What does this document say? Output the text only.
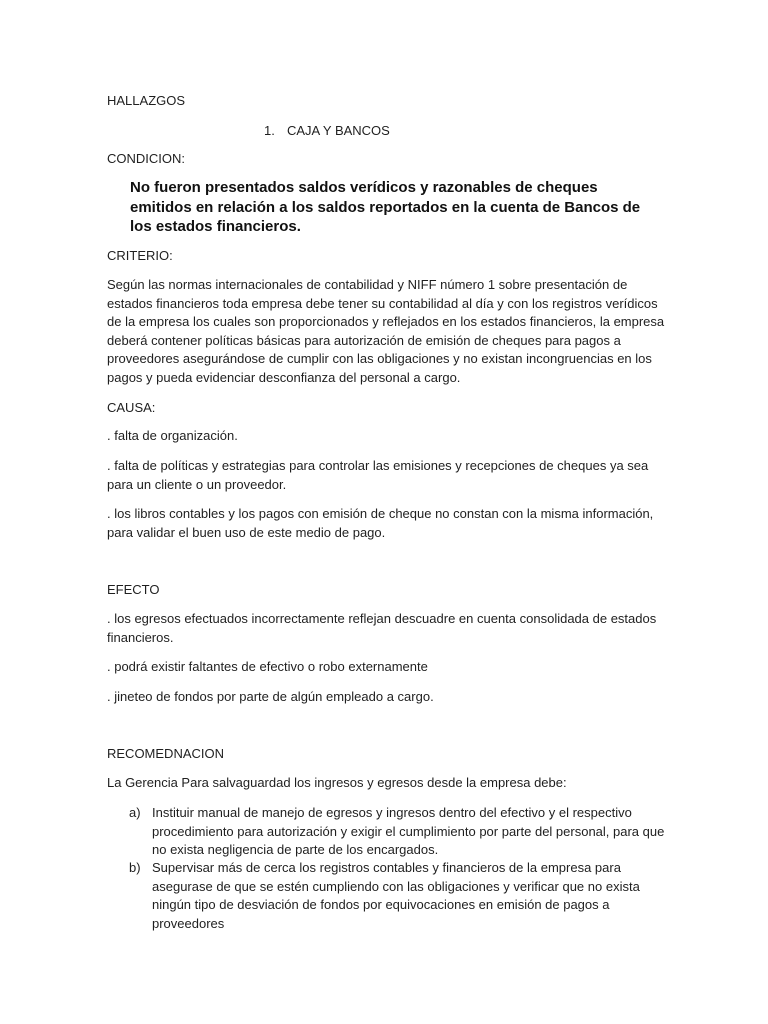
HALLAZGOS
1. CAJA Y BANCOS
CONDICION:
No fueron presentados saldos verídicos y razonables de cheques emitidos en relación a los saldos reportados en la cuenta de Bancos de los estados financieros.
CRITERIO:
Según las normas internacionales de contabilidad y NIFF número 1 sobre presentación de estados financieros toda empresa debe tener su contabilidad al día y con los registros verídicos de la empresa los cuales son proporcionados y reflejados en los estados financieros, la empresa deberá contener políticas básicas para autorización de emisión de cheques para pagos a proveedores asegurándose de cumplir con las obligaciones y no existan incongruencias en los pagos y pueda evidenciar desconfianza del personal a cargo.
CAUSA:
. falta de organización.
. falta de políticas y estrategias para controlar las emisiones y recepciones de cheques ya sea para un cliente o un proveedor.
. los libros contables y los pagos con emisión de cheque no constan con la misma información, para validar el buen uso de este medio de pago.
EFECTO
. los egresos efectuados incorrectamente reflejan descuadre en cuenta consolidada de estados financieros.
. podrá existir faltantes de efectivo o robo externamente
. jineteo de fondos por parte de algún empleado a cargo.
RECOMEDNACION
La Gerencia Para salvaguardad los ingresos y egresos desde la empresa debe:
a) Instituir manual de manejo de egresos y ingresos dentro del efectivo y el respectivo procedimiento para autorización y exigir el cumplimiento por parte del personal, para que no exista negligencia de parte de los encargados.
b) Supervisar más de cerca los registros contables y financieros de la empresa para asegurase de que se estén cumpliendo con las obligaciones y verificar que no exista ningún tipo de desviación de fondos por equivocaciones en emisión de pagos a proveedores
